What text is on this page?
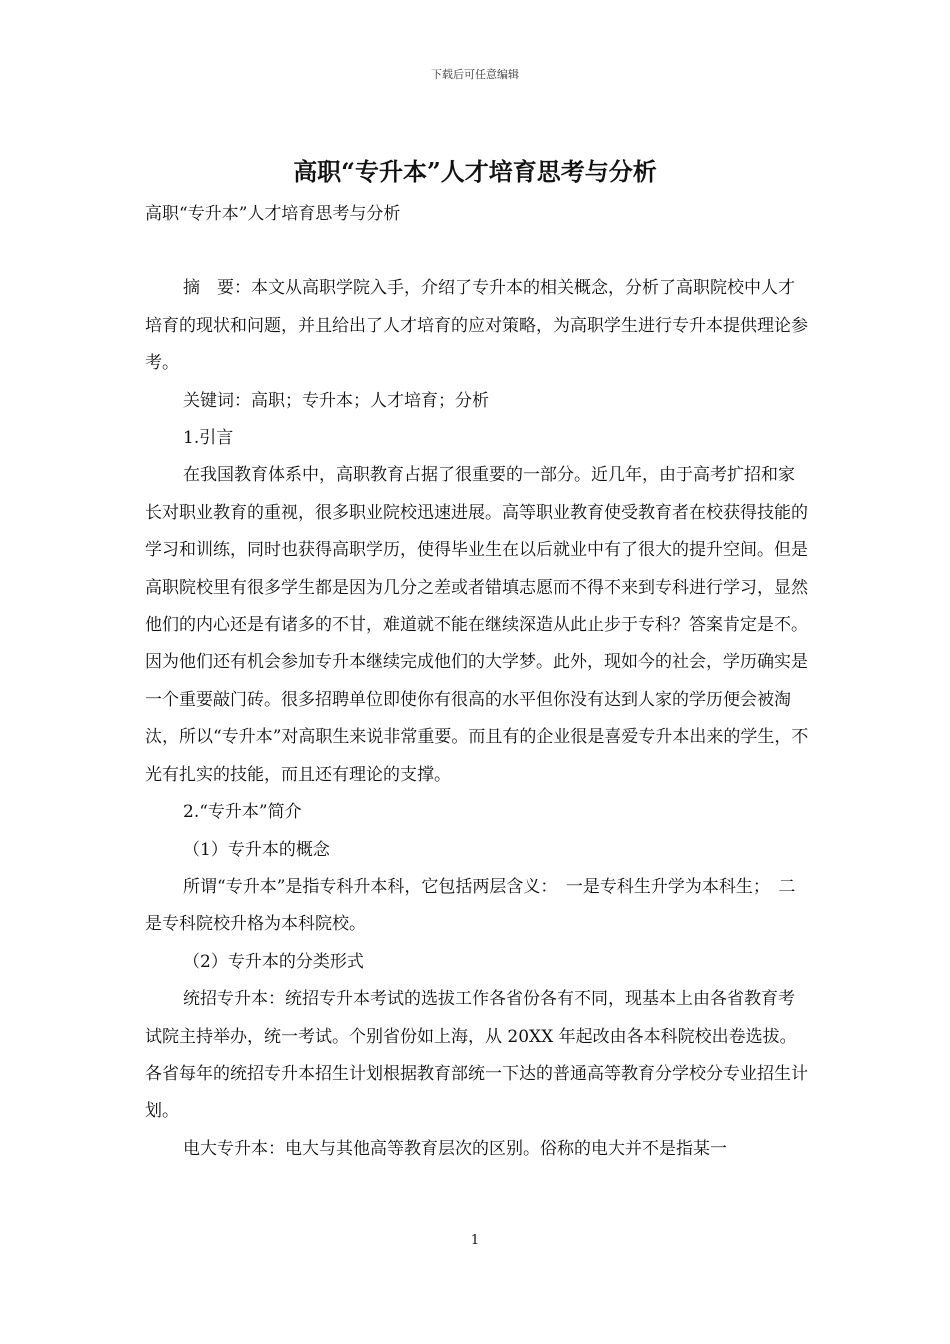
下载后可任意编辑
高职“专升本”人才培育思考与分析

高职“专升本”人才培育思考与分析

摘　要：本文从高职学院入手，介绍了专升本的相关概念，分析了高职院校中人才培育的现状和问题，并且给出了人才培育的应对策略，为高职学生进行专升本提供理论参考。

关键词：高职；专升本；人才培育；分析

1.引言

在我国教育体系中，高职教育占据了很重要的一部分。近几年，由于高考扩招和家长对职业教育的重视，很多职业院校迅速进展。高等职业教育使受教育者在校获得技能的学习和训练，同时也获得高职学历，使得毕业生在以后就业中有了很大的提升空间。但是高职院校里有很多学生都是因为几分之差或者错填志愿而不得不来到专科进行学习，显然他们的内心还是有诸多的不甘，难道就不能在继续深造从此止步于专科？答案肯定是不。因为他们还有机会参加专升本继续完成他们的大学梦。此外，现如今的社会，学历确实是一个重要敲门砖。很多招聘单位即使你有很高的水平但你没有达到人家的学历便会被淘汰，所以“专升本”对高职生来说非常重要。而且有的企业很是喜爱专升本出来的学生，不光有扎实的技能，而且还有理论的支撑。

2.“专升本”简介

（1）专升本的概念

所谓“专升本”是指专科升本科，它包括两层含义：　一是专科生升学为本科生；　二是专科院校升格为本科院校。

（2）专升本的分类形式

统招专升本：统招专升本考试的选拔工作各省份各有不同，现基本上由各省教育考试院主持举办，统一考试。个别省份如上海，从 20XX 年起改由各本科院校出卷选拔。各省每年的统招专升本招生计划根据教育部统一下达的普通高等教育分学校分专业招生计划。

电大专升本：电大与其他高等教育层次的区别。俗称的电大并不是指某一

1
